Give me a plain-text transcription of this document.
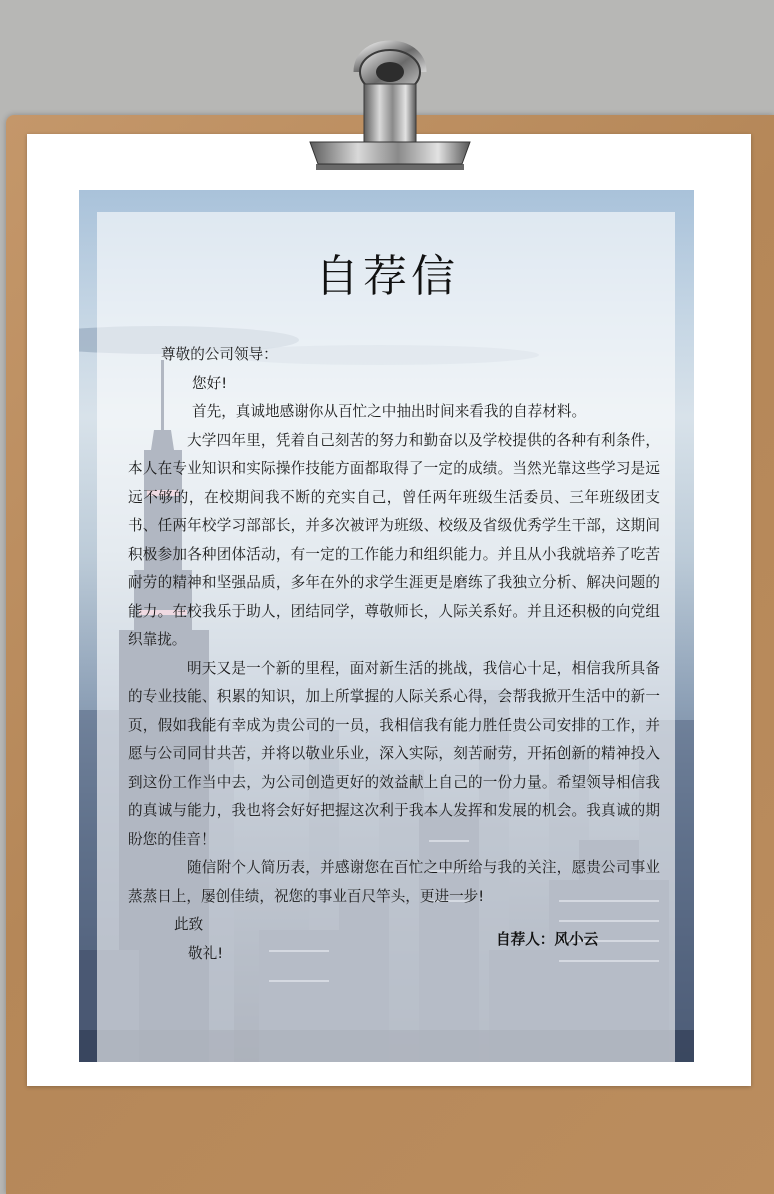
自荐信

尊敬的公司领导：

您好!

首先，真诚地感谢你从百忙之中抽出时间来看我的自荐材料。

大学四年里，凭着自己刻苦的努力和勤奋以及学校提供的各种有利条件，本人在专业知识和实际操作技能方面都取得了一定的成绩。当然光靠这些学习是远远不够的，在校期间我不断的充实自己，曾任两年班级生活委员、三年班级团支书、任两年校学习部部长，并多次被评为班级、校级及省级优秀学生干部，这期间积极参加各种团体活动，有一定的工作能力和组织能力。并且从小我就培养了吃苦耐劳的精神和坚强品质，多年在外的求学生涯更是磨练了我独立分析、解决问题的能力。在校我乐于助人，团结同学，尊敬师长，人际关系好。并且还积极的向党组织靠拢。

明天又是一个新的里程，面对新生活的挑战，我信心十足，相信我所具备的专业技能、积累的知识，加上所掌握的人际关系心得，会帮我掀开生活中的新一页，假如我能有幸成为贵公司的一员，我相信我有能力胜任贵公司安排的工作，并愿与公司同甘共苦，并将以敬业乐业，深入实际，刻苦耐劳，开拓创新的精神投入到这份工作当中去，为公司创造更好的效益献上自己的一份力量。希望领导相信我的真诚与能力，我也将会好好把握这次利于我本人发挥和发展的机会。我真诚的期盼您的佳音！

随信附个人简历表，并感谢您在百忙之中所给与我的关注，愿贵公司事业蒸蒸日上，屡创佳绩，祝您的事业百尺竿头，更进一步!

此致

敬礼!

自荐人：风小云
